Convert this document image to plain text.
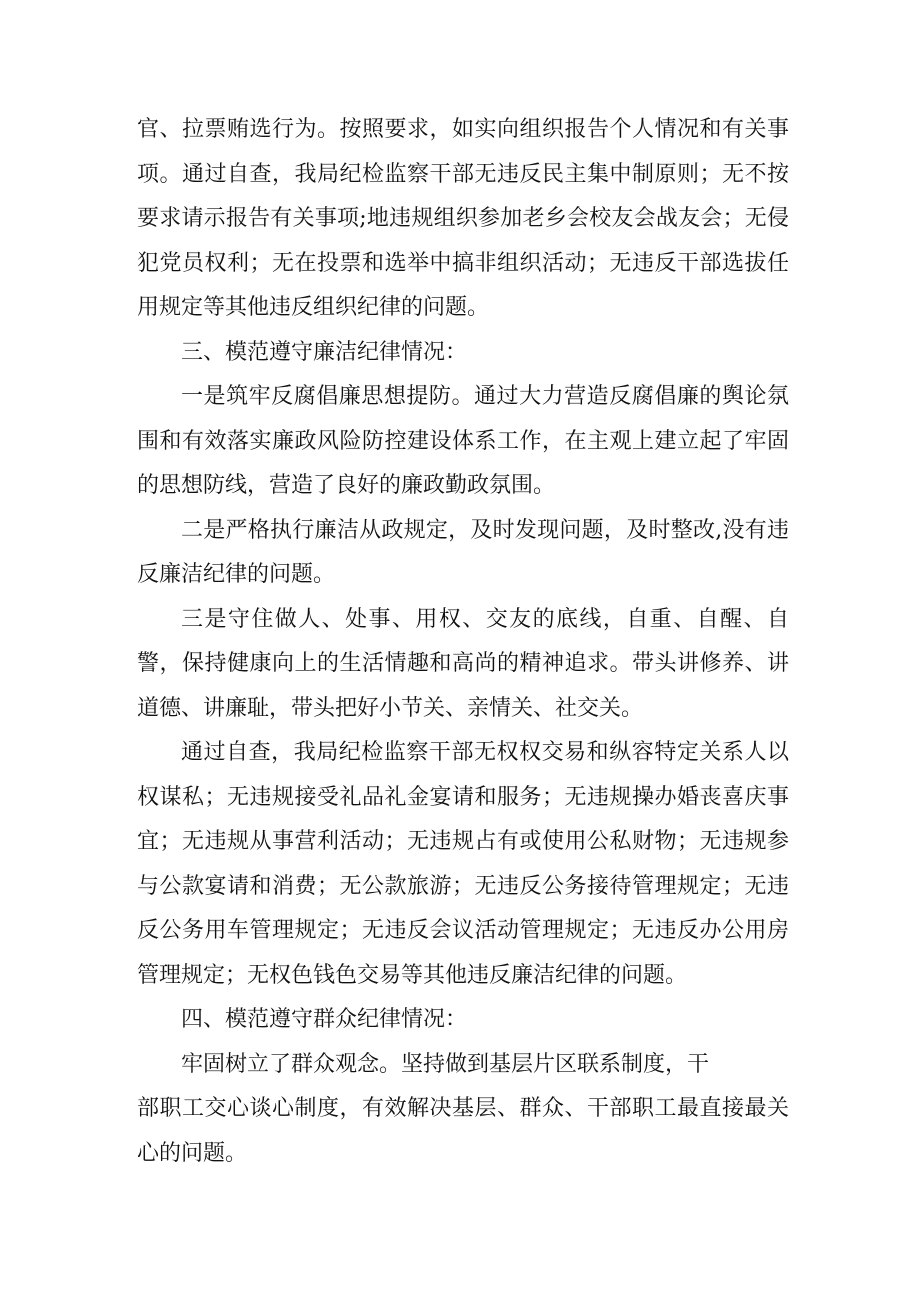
官、拉票贿选行为。按照要求，如实向组织报告个人情况和有关事项。通过自查，我局纪检监察干部无违反民主集中制原则；无不按要求请示报告有关事项;地违规组织参加老乡会校友会战友会；无侵犯党员权利；无在投票和选举中搞非组织活动；无违反干部选拔任用规定等其他违反组织纪律的问题。

三、模范遵守廉洁纪律情况：

一是筑牢反腐倡廉思想提防。通过大力营造反腐倡廉的舆论氛围和有效落实廉政风险防控建设体系工作，在主观上建立起了牢固的思想防线，营造了良好的廉政勤政氛围。

二是严格执行廉洁从政规定，及时发现问题，及时整改,没有违反廉洁纪律的问题。

三是守住做人、处事、用权、交友的底线，自重、自醒、自警，保持健康向上的生活情趣和高尚的精神追求。带头讲修养、讲道德、讲廉耻，带头把好小节关、亲情关、社交关。

通过自查，我局纪检监察干部无权权交易和纵容特定关系人以权谋私；无违规接受礼品礼金宴请和服务；无违规操办婚丧喜庆事宜；无违规从事营利活动；无违规占有或使用公私财物；无违规参与公款宴请和消费；无公款旅游；无违反公务接待管理规定；无违反公务用车管理规定；无违反会议活动管理规定；无违反办公用房管理规定；无权色钱色交易等其他违反廉洁纪律的问题。

四、模范遵守群众纪律情况：

牢固树立了群众观念。坚持做到基层片区联系制度，干

部职工交心谈心制度，有效解决基层、群众、干部职工最直接最关心的问题。
